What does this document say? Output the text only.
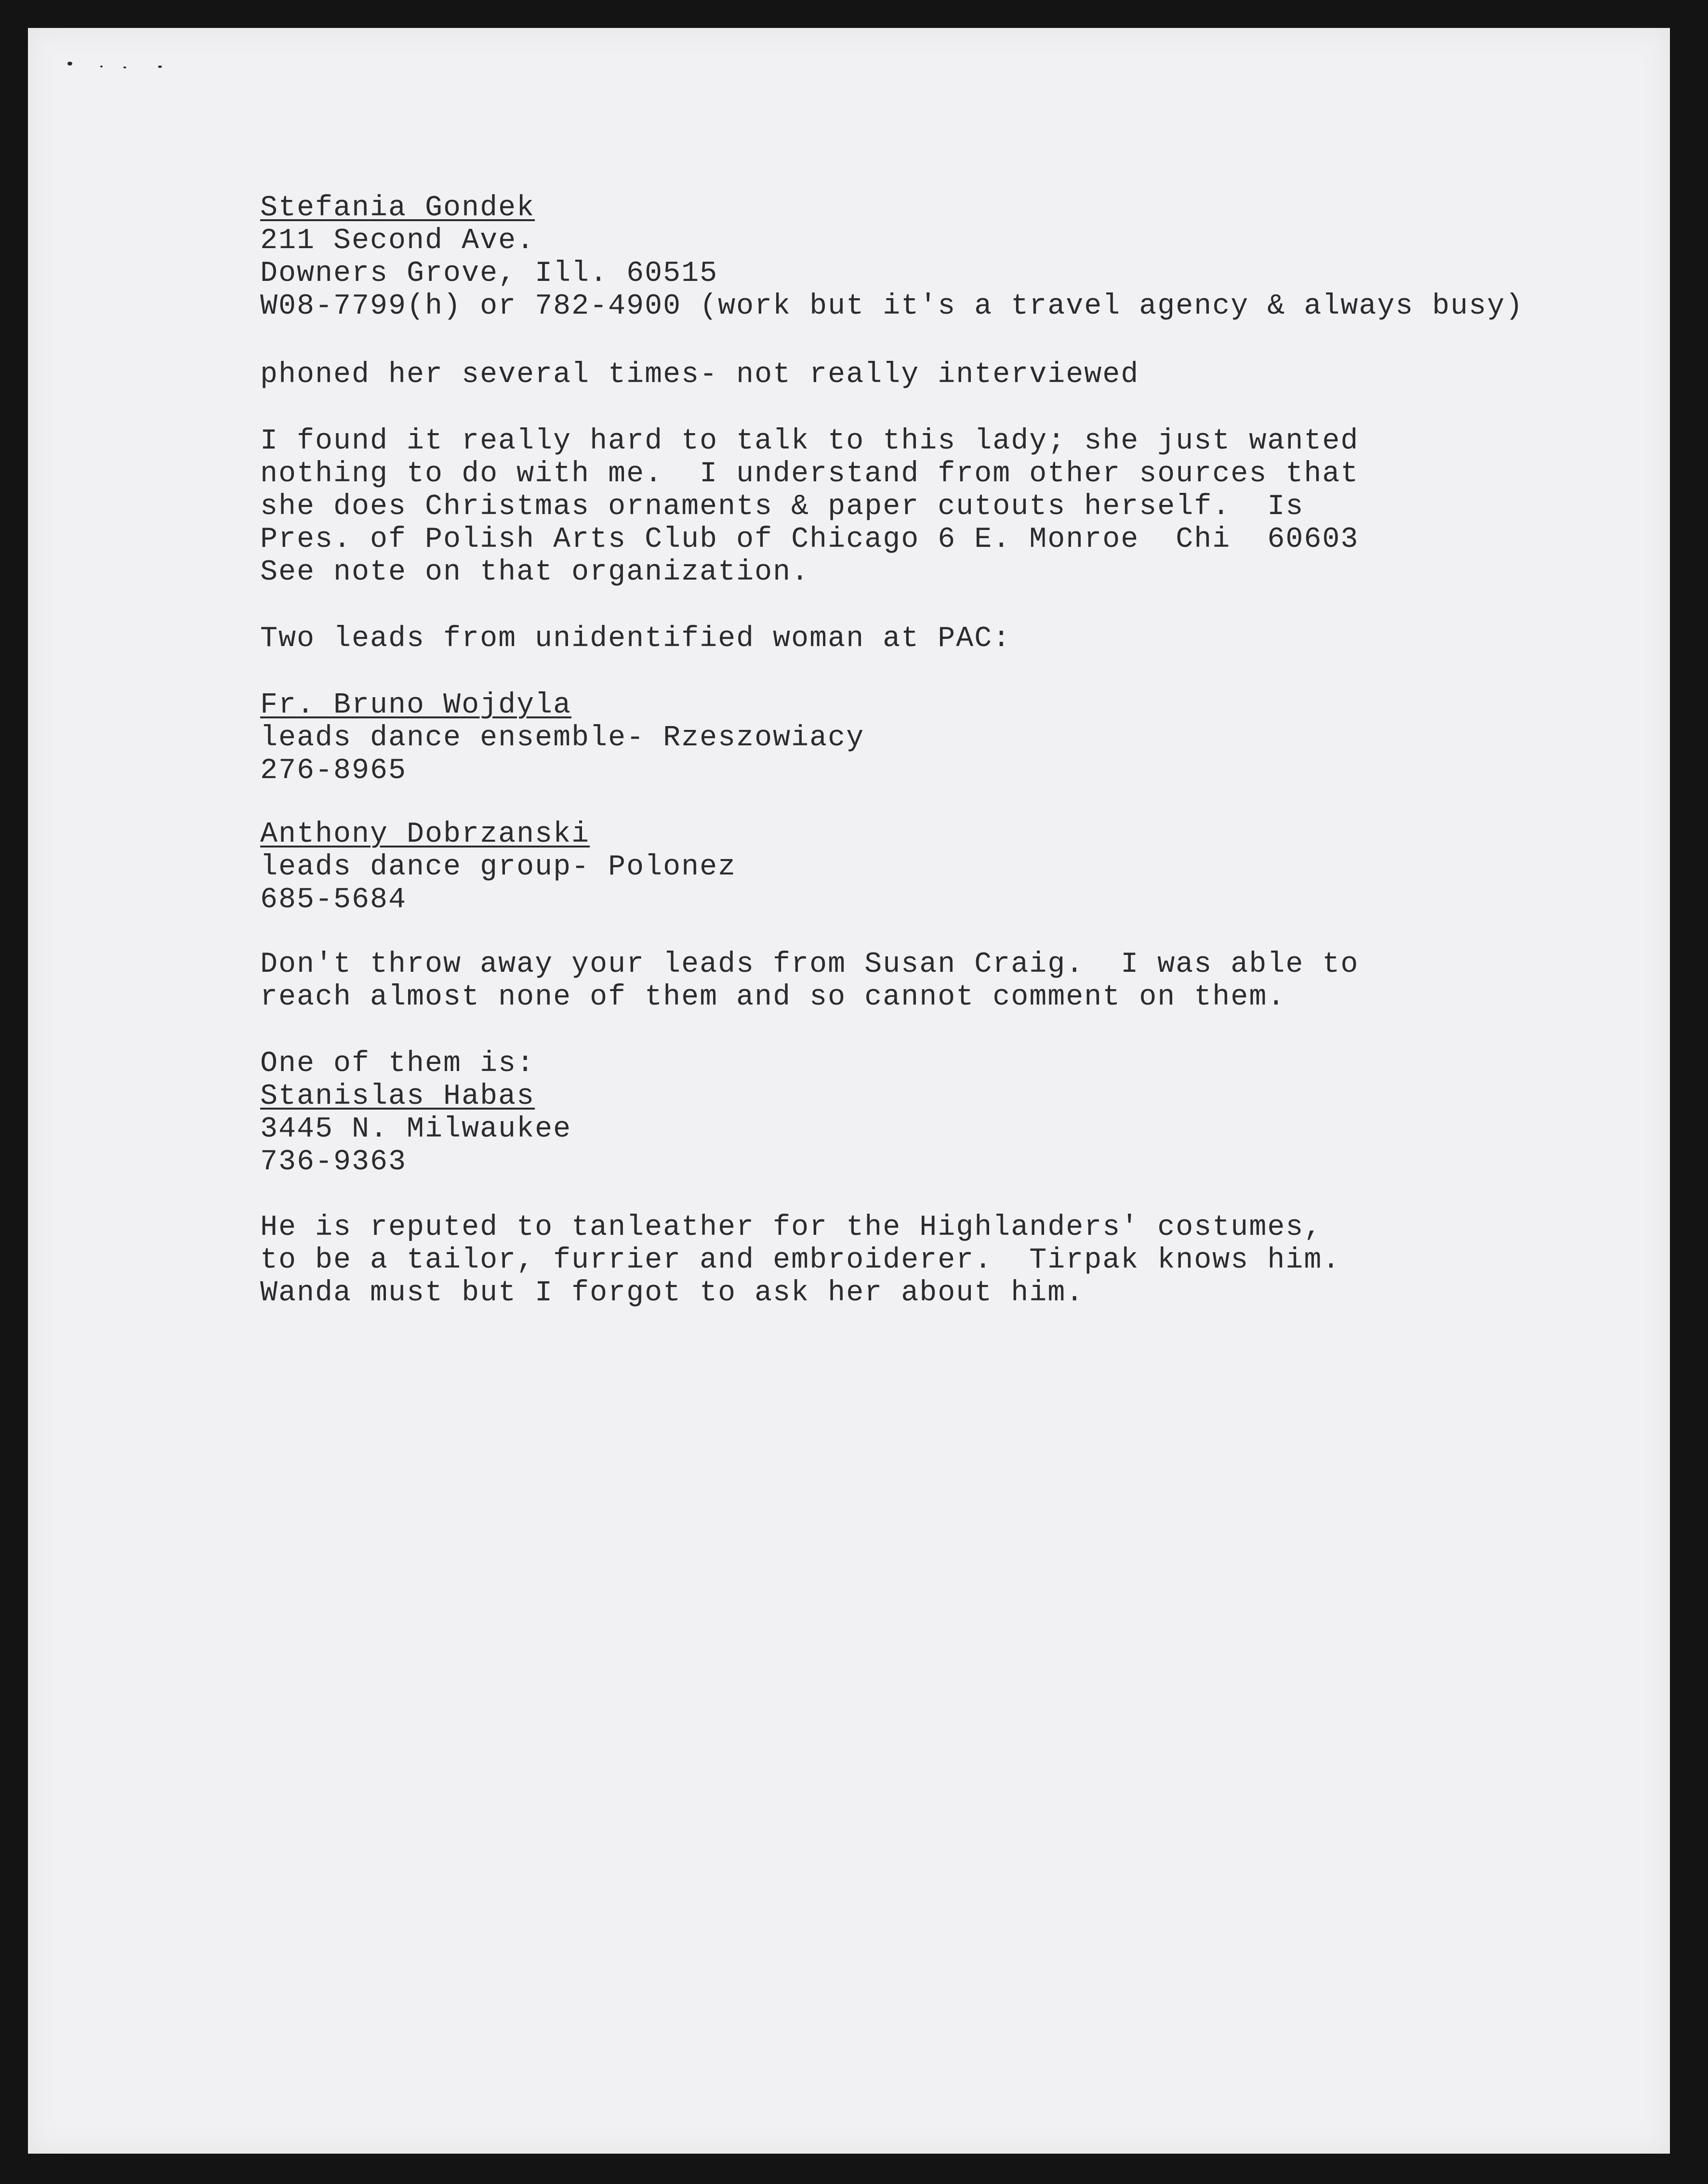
Stefania Gondek
211 Second Ave.
Downers Grove, Ill. 60515
W08-7799(h) or 782-4900 (work but it's a travel agency & always busy)
phoned her several times- not really interviewed
I found it really hard to talk to this lady; she just wanted
nothing to do with me.  I understand from other sources that
she does Christmas ornaments & paper cutouts herself.  Is
Pres. of Polish Arts Club of Chicago 6 E. Monroe  Chi  60603
See note on that organization.
Two leads from unidentified woman at PAC:
Fr. Bruno Wojdyla
leads dance ensemble- Rzeszowiacy
276-8965
Anthony Dobrzanski
leads dance group- Polonez
685-5684
Don't throw away your leads from Susan Craig.  I was able to
reach almost none of them and so cannot comment on them.
One of them is:
Stanislas Habas
3445 N. Milwaukee
736-9363
He is reputed to tanleather for the Highlanders' costumes,
to be a tailor, furrier and embroiderer.  Tirpak knows him.
Wanda must but I forgot to ask her about him.
